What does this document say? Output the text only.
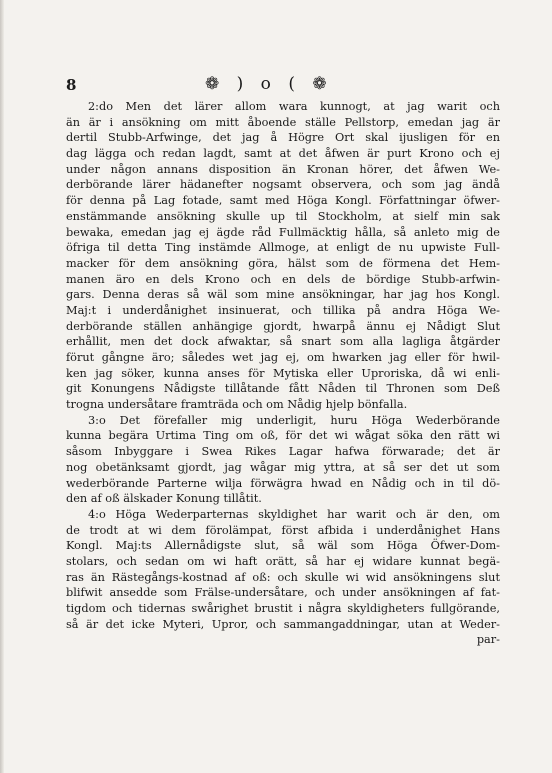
8	❁ ) o ( ❁
2:do Men det lärer allom wara kunnogt, at jag warit och
än är i ansökning om mitt åboende ställe Pellstorp, emedan jag är
dertil Stubb-Arfwinge, det jag å Högre Ort skal ijusligen för en
dag lägga och redan lagdt, samt at det åfwen är purt Krono och ej
under någon annans disposition än Kronan hörer, det åfwen We-
derbörande lärer hädanefter nogsamt observera, och som jag ändå
för denna på Lag fotade, samt med Höga Kongl. Författningar öfwer-
enstämmande ansökning skulle up til Stockholm, at sielf min sak
bewaka, emedan jag ej ägde råd Fullmäcktig hålla, så anleto mig de
öfriga til detta Ting instämde Allmoge, at enligt de nu upwiste Full-
macker för dem ansökning göra, hälst som de förmena det Hem-
manen äro en dels Krono och en dels de bördige Stubb-arfwin-
gars. Denna deras så wäl som mine ansökningar, har jag hos Kongl.
Maj:t i underdånighet insinuerat, och tillika på andra Höga We-
derbörande ställen anhängige gjordt, hwarpå ännu ej Nådigt Slut
erhållit, men det dock afwaktar, så snart som alla lagliga åtgärder
förut gångne äro; således wet jag ej, om hwarken jag eller för hwil-
ken jag söker, kunna anses för Mytiska eller Uproriska, då wi enli-
git Konungens Nådigste tillåtande fått Nåden til Thronen som Deß
trogna undersåtare framträda och om Nådig hjelp bönfalla.
3:o Det förefaller mig underligit, huru Höga Wederbörande
kunna begära Urtima Ting om oß, för det wi wågat söka den rätt wi
såsom Inbyggare i Swea Rikes Lagar hafwa förwarade; det är
nog obetänksamt gjordt, jag wågar mig yttra, at så ser det ut som
wederbörande Parterne wilja förwägra hwad en Nådig och in til dö-
den af oß älskader Konung tillåtit.
4:o Höga Wederparternas skyldighet har warit och är den, om
de trodt at wi dem förolämpat, först afbida i underdånighet Hans
Kongl. Maj:ts Allernådigste slut, så wäl som Höga Öfwer-Dom-
stolars, och sedan om wi haft orätt, så har ej widare kunnat begä-
ras än Rästegångs-kostnad af oß: och skulle wi wid ansökningens slut
blifwit ansedde som Frälse-undersåtare, och under ansökningen af fat-
tigdom och tidernas swårighet brustit i några skyldigheters fullgörande,
så är det icke Myteri, Upror, och sammangaddningar, utan at Weder-
par-
